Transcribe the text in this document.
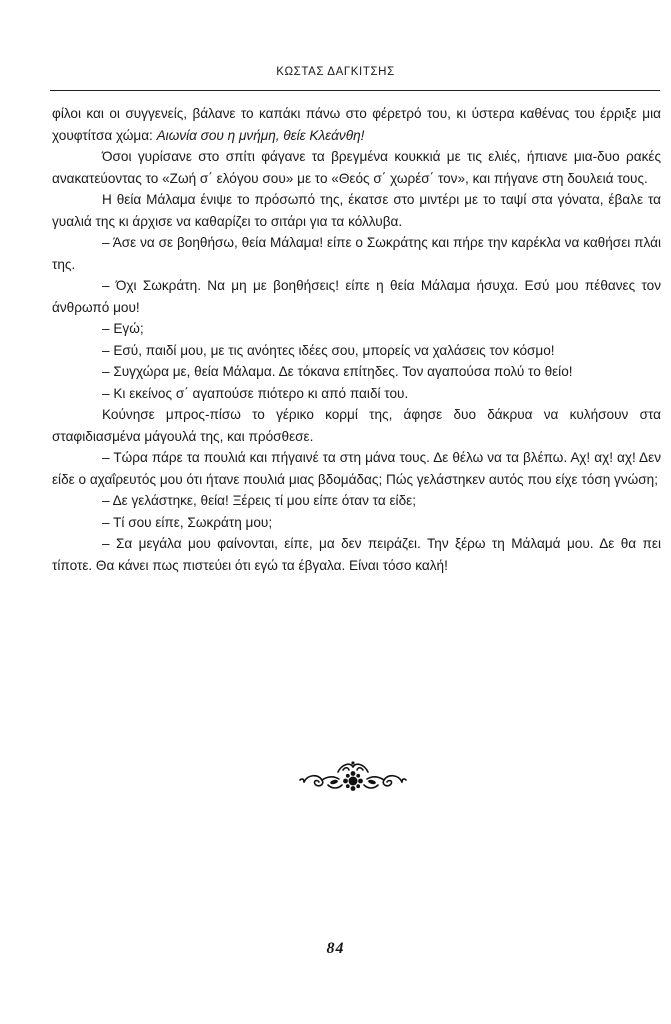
ΚΩΣΤΑΣ ΔΑΓΚΙΤΣΗΣ

φίλοι και οι συγγενείς, βάλανε το καπάκι πάνω στο φέρετρό του, κι ύστερα καθένας του έρριξε μια χουφτίτσα χώμα: Αιωνία σου η μνήμη, θείε Κλεάνθη!

Όσοι γυρίσανε στο σπίτι φάγανε τα βρεγμένα κουκκιά με τις ελιές, ήπιανε μια-δυο ρακές ανακατεύοντας το «Ζωή σ΄ ελόγου σου» με το «Θεός σ΄ χωρέσ΄ τον», και πήγανε στη δουλειά τους.

Η θεία Μάλαμα ένιψε το πρόσωπό της, έκατσε στο μιντέρι με το ταψί στα γόνατα, έβαλε τα γυαλιά της κι άρχισε να καθαρίζει το σιτάρι για τα κόλλυβα.

– Άσε να σε βοηθήσω, θεία Μάλαμα! είπε ο Σωκράτης και πήρε την καρέκλα να καθήσει πλάι της.

– Όχι Σωκράτη. Να μη με βοηθήσεις! είπε η θεία Μάλαμα ήσυχα. Εσύ μου πέθανες τον άνθρωπό μου!

– Εγώ;

– Εσύ, παιδί μου, με τις ανόητες ιδέες σου, μπορείς να χαλάσεις τον κόσμο!

– Συγχώρα με, θεία Μάλαμα. Δε τόκανα επίτηδες. Τον αγαπούσα πολύ το θείο!

– Κι εκείνος σ΄ αγαπούσε πιότερο κι από παιδί του.

Κούνησε μπρος-πίσω το γέρικο κορμί της, άφησε δυο δάκρυα να κυλήσουν στα σταφιδιασμένα μάγουλά της, και πρόσθεσε.

– Τώρα πάρε τα πουλιά και πήγαινέ τα στη μάνα τους. Δε θέλω να τα βλέπω. Αχ! αχ! αχ! Δεν είδε ο αχαΐρευτός μου ότι ήτανε πουλιά μιας βδομάδας; Πώς γελάστηκεν αυτός που είχε τόση γνώση;

– Δε γελάστηκε, θεία! Ξέρεις τί μου είπε όταν τα είδε;

– Τί σου είπε, Σωκράτη μου;

– Σα μεγάλα μου φαίνονται, είπε, μα δεν πειράζει. Την ξέρω τη Μάλαμά μου. Δε θα πει τίποτε. Θα κάνει πως πιστεύει ότι εγώ τα έβγαλα. Είναι τόσο καλή!

84
